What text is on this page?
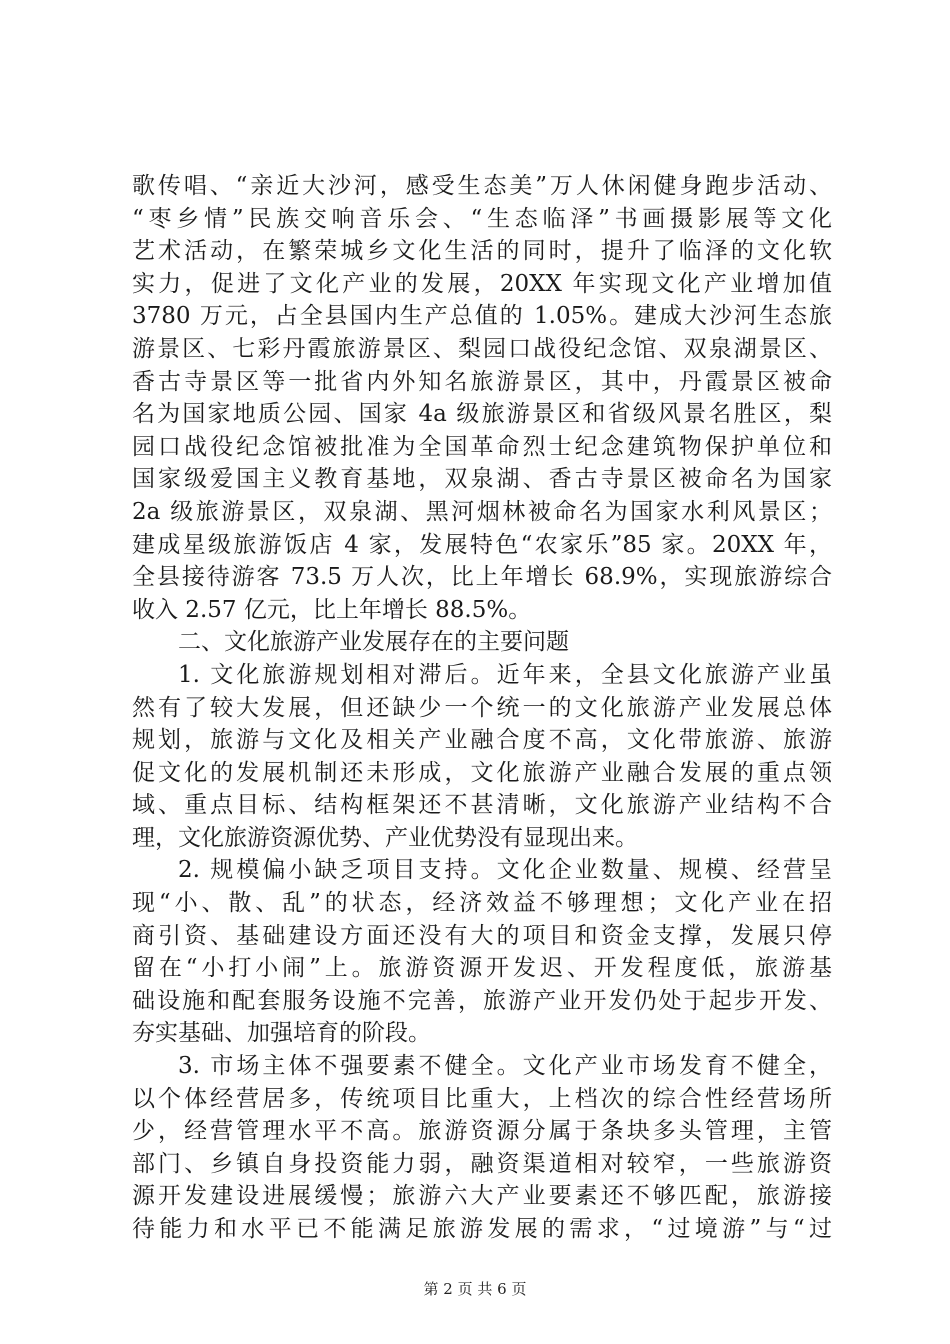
歌传唱、“亲近大沙河，感受生态美”万人休闲健身跑步活动、
“枣乡情”民族交响音乐会、“生态临泽”书画摄影展等文化
艺术活动，在繁荣城乡文化生活的同时，提升了临泽的文化软
实力，促进了文化产业的发展，20XX 年实现文化产业增加值
3780 万元，占全县国内生产总值的 1.05%。建成大沙河生态旅
游景区、七彩丹霞旅游景区、梨园口战役纪念馆、双泉湖景区、
香古寺景区等一批省内外知名旅游景区，其中，丹霞景区被命
名为国家地质公园、国家 4a 级旅游景区和省级风景名胜区，梨
园口战役纪念馆被批准为全国革命烈士纪念建筑物保护单位和
国家级爱国主义教育基地，双泉湖、香古寺景区被命名为国家
2a 级旅游景区，双泉湖、黑河烟林被命名为国家水利风景区；
建成星级旅游饭店 4 家，发展特色“农家乐”85 家。20XX 年，
全县接待游客 73.5 万人次，比上年增长 68.9%，实现旅游综合
收入 2.57 亿元，比上年增长 88.5%。
二、文化旅游产业发展存在的主要问题
1. 文化旅游规划相对滞后。近年来，全县文化旅游产业虽
然有了较大发展，但还缺少一个统一的文化旅游产业发展总体
规划，旅游与文化及相关产业融合度不高，文化带旅游、旅游
促文化的发展机制还未形成，文化旅游产业融合发展的重点领
域、重点目标、结构框架还不甚清晰，文化旅游产业结构不合
理，文化旅游资源优势、产业优势没有显现出来。
2. 规模偏小缺乏项目支持。文化企业数量、规模、经营呈
现“小、散、乱”的状态，经济效益不够理想；文化产业在招
商引资、基础建设方面还没有大的项目和资金支撑，发展只停
留在“小打小闹”上。旅游资源开发迟、开发程度低，旅游基
础设施和配套服务设施不完善，旅游产业开发仍处于起步开发、
夯实基础、加强培育的阶段。
3. 市场主体不强要素不健全。文化产业市场发育不健全，
以个体经营居多，传统项目比重大，上档次的综合性经营场所
少，经营管理水平不高。旅游资源分属于条块多头管理，主管
部门、乡镇自身投资能力弱，融资渠道相对较窄，一些旅游资
源开发建设进展缓慢；旅游六大产业要素还不够匹配，旅游接
待能力和水平已不能满足旅游发展的需求，“过境游”与“过
第 2 页 共 6 页
